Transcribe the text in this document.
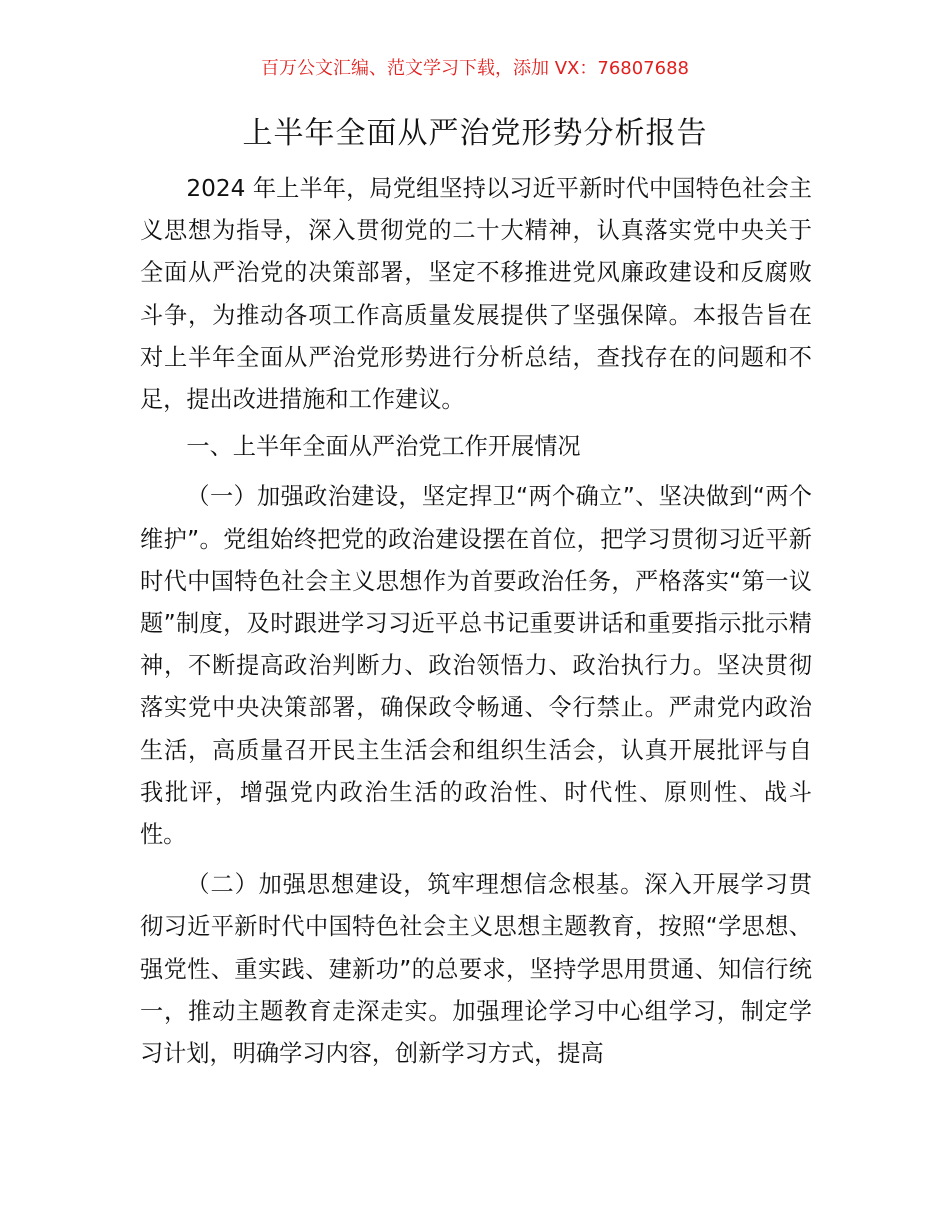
百万公文汇编、范文学习下载，添加 VX：76807688
上半年全面从严治党形势分析报告

2024 年上半年，局党组坚持以习近平新时代中国特色社会主义思想为指导，深入贯彻党的二十大精神，认真落实党中央关于全面从严治党的决策部署，坚定不移推进党风廉政建设和反腐败斗争，为推动各项工作高质量发展提供了坚强保障。本报告旨在对上半年全面从严治党形势进行分析总结，查找存在的问题和不足，提出改进措施和工作建议。

一、上半年全面从严治党工作开展情况

（一）加强政治建设，坚定捍卫“两个确立”、坚决做到“两个维护”。党组始终把党的政治建设摆在首位，把学习贯彻习近平新时代中国特色社会主义思想作为首要政治任务，严格落实“第一议题”制度，及时跟进学习习近平总书记重要讲话和重要指示批示精神，不断提高政治判断力、政治领悟力、政治执行力。坚决贯彻落实党中央决策部署，确保政令畅通、令行禁止。严肃党内政治生活，高质量召开民主生活会和组织生活会，认真开展批评与自我批评，增强党内政治生活的政治性、时代性、原则性、战斗性。

（二）加强思想建设，筑牢理想信念根基。深入开展学习贯彻习近平新时代中国特色社会主义思想主题教育，按照“学思想、强党性、重实践、建新功”的总要求，坚持学思用贯通、知信行统一，推动主题教育走深走实。加强理论学习中心组学习，制定学习计划，明确学习内容，创新学习方式，提高
